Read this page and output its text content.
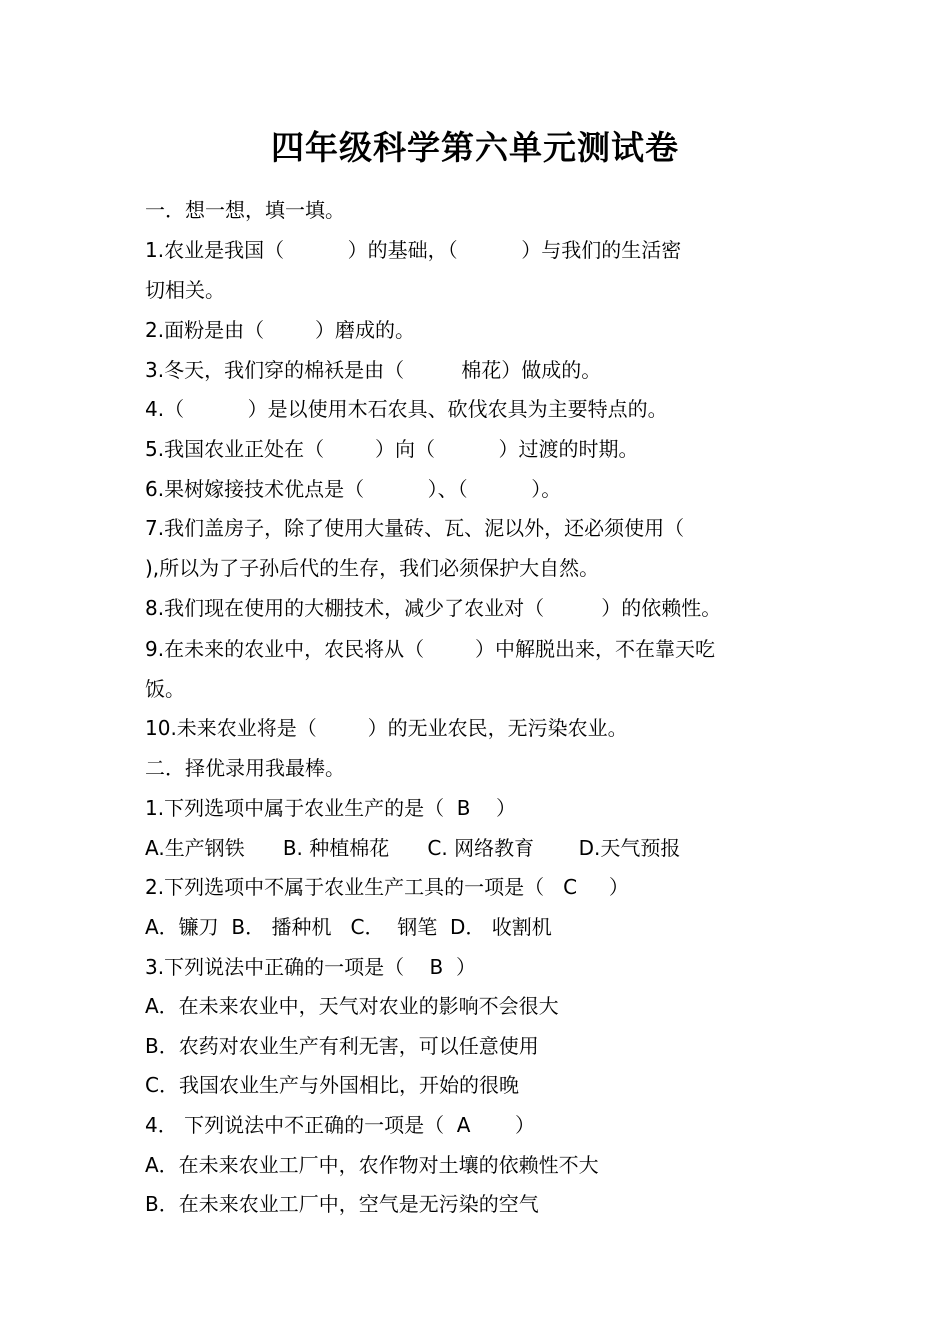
四年级科学第六单元测试卷
一．想一想，填一填。
1.农业是我国（          ）的基础，（          ）与我们的生活密
切相关。
2.面粉是由（        ）磨成的。
3.冬天，我们穿的棉袄是由（         棉花）做成的。
4.（          ）是以使用木石农具、砍伐农具为主要特点的。
5.我国农业正处在（        ）向（          ）过渡的时期。
6.果树嫁接技术优点是（          ）、（          ）。
7.我们盖房子，除了使用大量砖、瓦、泥以外，还必须使用（
),所以为了子孙后代的生存，我们必须保护大自然。
8.我们现在使用的大棚技术，减少了农业对（         ）的依赖性。
9.在未来的农业中，农民将从（        ）中解脱出来，不在靠天吃
饭。
10.未来农业将是（        ）的无业农民，无污染农业。
二．择优录用我最棒。
1.下列选项中属于农业生产的是（  B    ）
A.生产钢铁      B. 种植棉花      C. 网络教育       D.天气预报
2.下列选项中不属于农业生产工具的一项是（   C     ）
A．镰刀  B． 播种机   C．  钢笔  D． 收割机
3.下列说法中正确的一项是（    B  ）
A．在未来农业中，天气对农业的影响不会很大
B．农药对农业生产有利无害，可以任意使用
C．我国农业生产与外国相比，开始的很晚
4． 下列说法中不正确的一项是（  A       ）
A．在未来农业工厂中，农作物对土壤的依赖性不大
B．在未来农业工厂中，空气是无污染的空气
